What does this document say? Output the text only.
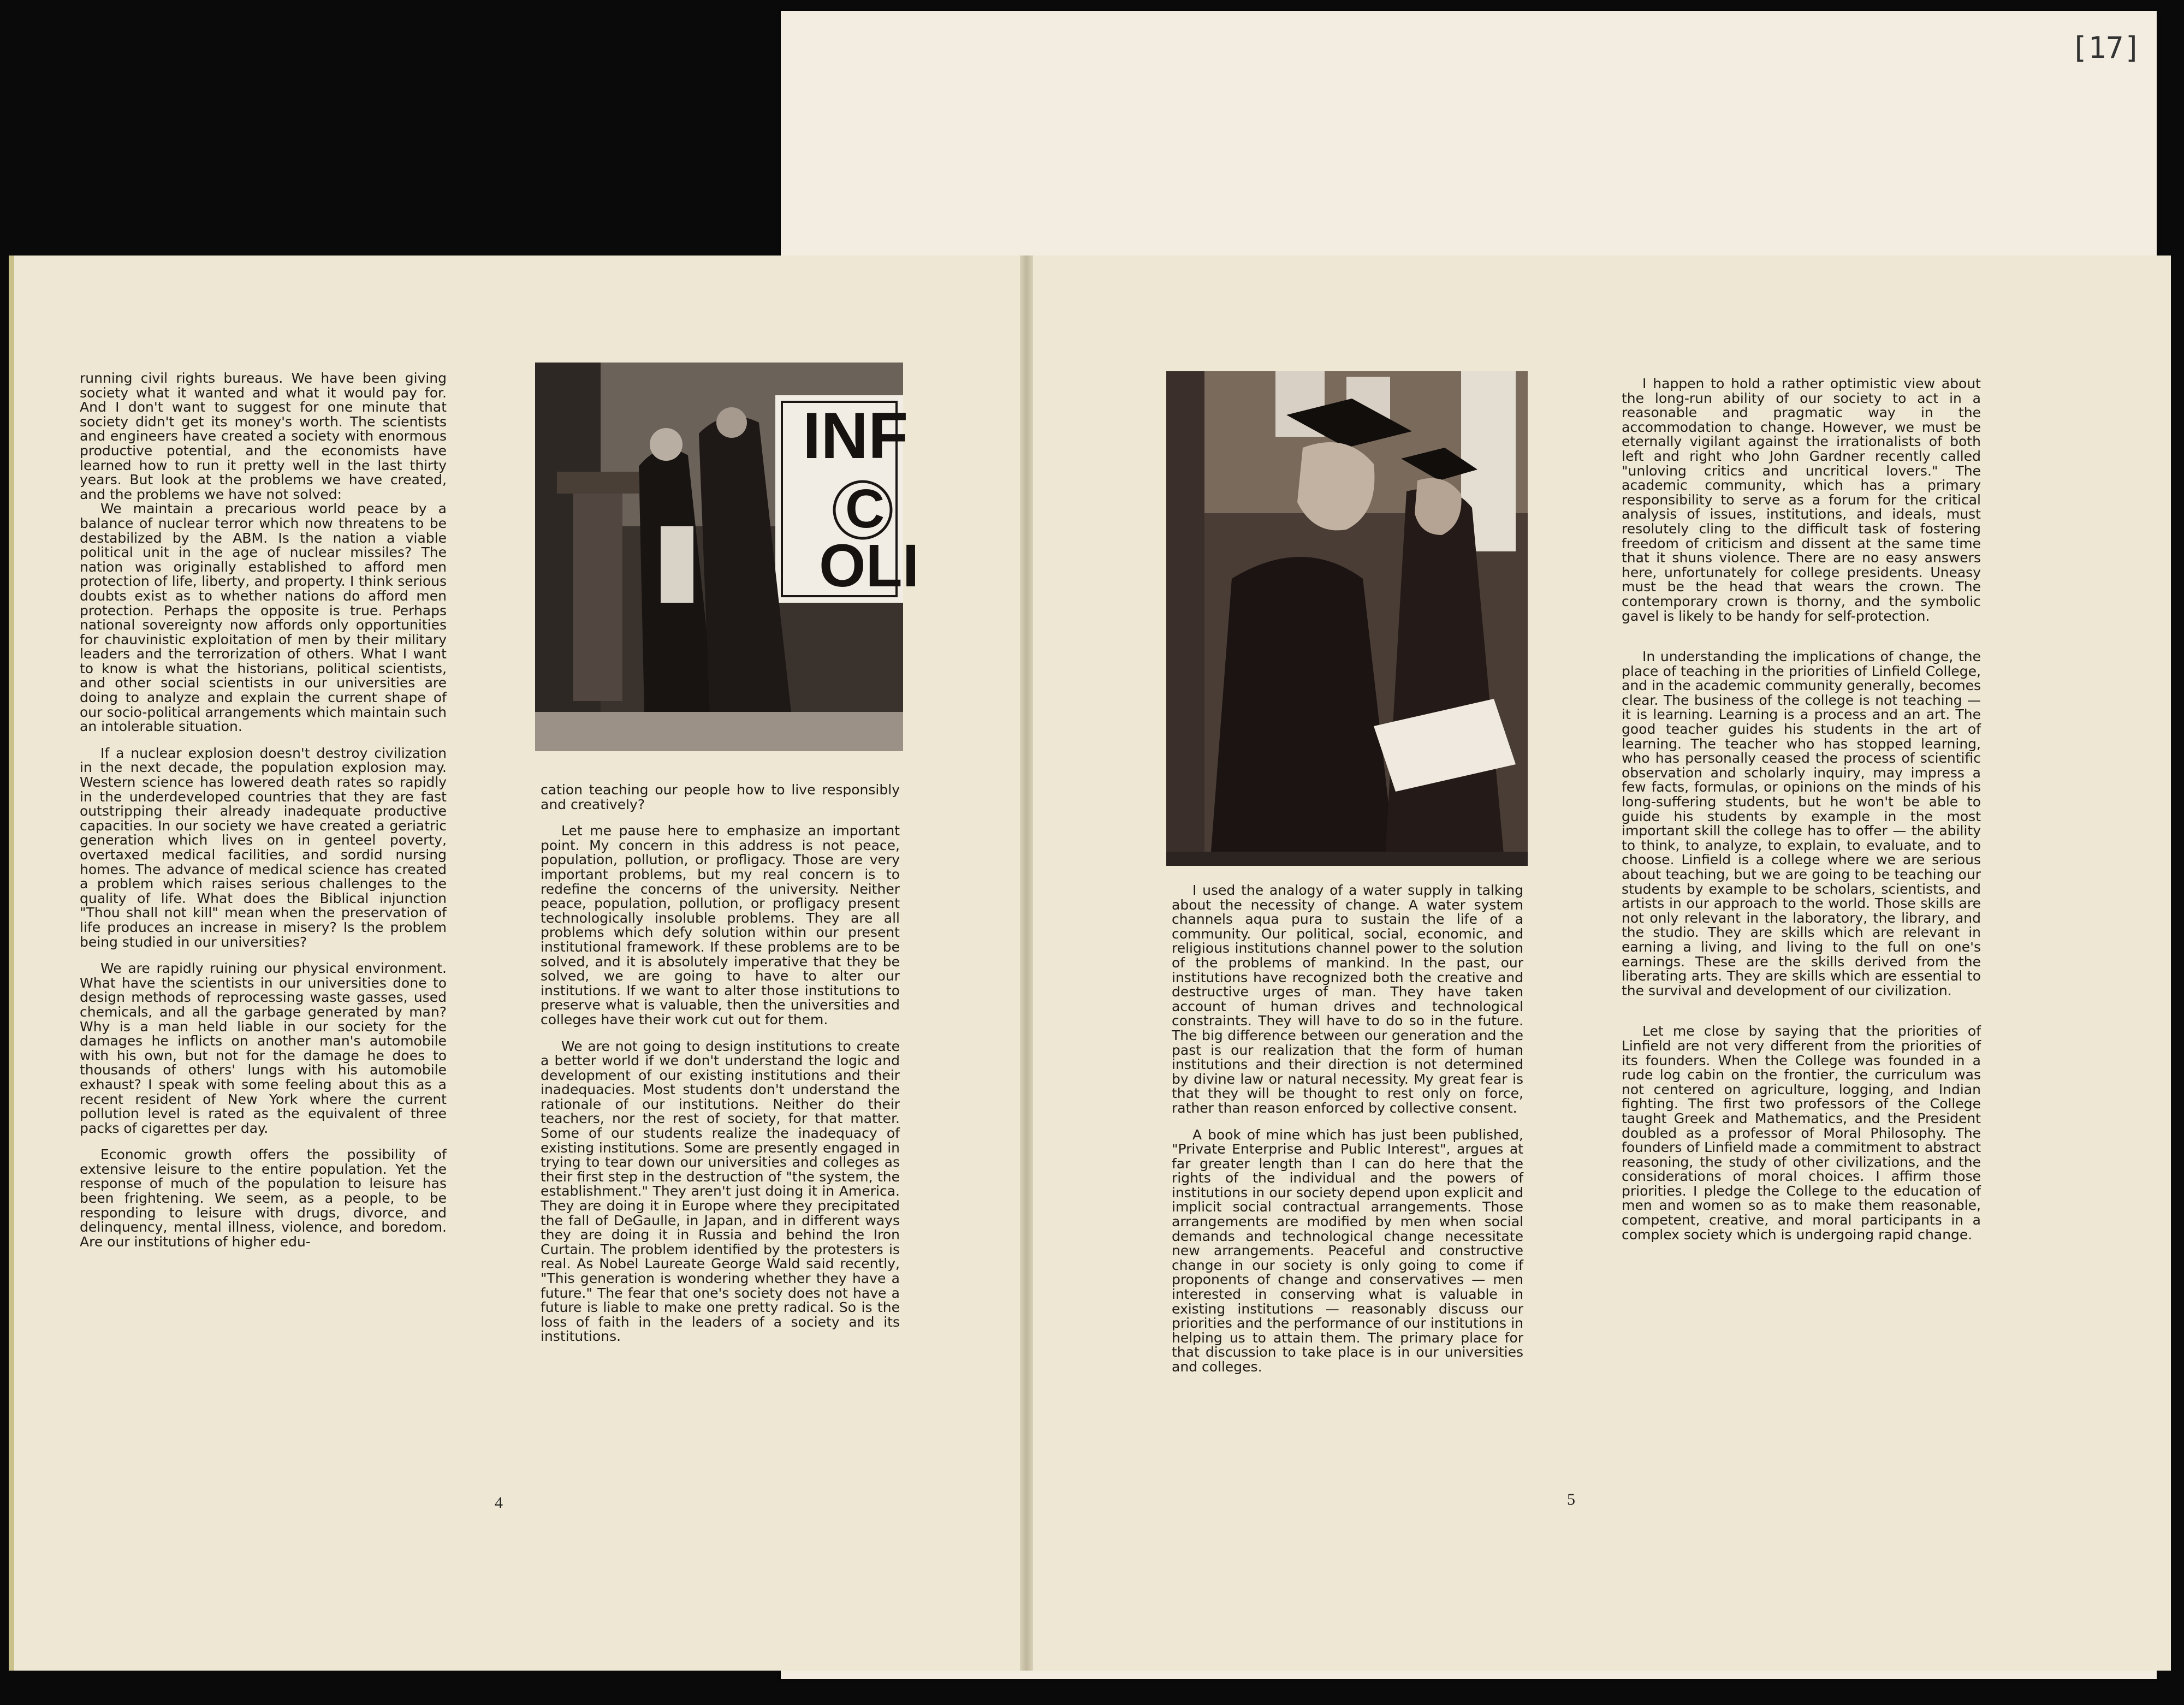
[17]

running civil rights bureaus. We have been giving society what it wanted and what it would pay for. And I don't want to suggest for one minute that society didn't get its money's worth. The scientists and engineers have created a society with enormous productive potential, and the economists have learned how to run it pretty well in the last thirty years. But look at the problems we have created, and the problems we have not solved:

We maintain a precarious world peace by a balance of nuclear terror which now threatens to be destabilized by the ABM. Is the nation a viable political unit in the age of nuclear missiles? The nation was originally established to afford men protection of life, liberty, and property. I think serious doubts exist as to whether nations do afford men protection. Perhaps the opposite is true. Perhaps national sovereignty now affords only opportunities for chauvinistic exploitation of men by their military leaders and the terrorization of others. What I want to know is what the historians, political scientists, and other social scientists in our universities are doing to analyze and explain the current shape of our socio-political arrangements which maintain such an intolerable situation.

If a nuclear explosion doesn't destroy civilization in the next decade, the population explosion may. Western science has lowered death rates so rapidly in the underdeveloped countries that they are fast outstripping their already inadequate productive capacities. In our society we have created a geriatric generation which lives on in genteel poverty, overtaxed medical facilities, and sordid nursing homes. The advance of medical science has created a problem which raises serious challenges to the quality of life. What does the Biblical injunction "Thou shall not kill" mean when the preservation of life produces an increase in misery? Is the problem being studied in our universities?

We are rapidly ruining our physical environment. What have the scientists in our universities done to design methods of reprocessing waste gasses, used chemicals, and all the garbage generated by man? Why is a man held liable in our society for the damages he inflicts on another man's automobile with his own, but not for the damage he does to thousands of others' lungs with his automobile exhaust? I speak with some feeling about this as a recent resident of New York where the current pollution level is rated as the equivalent of three packs of cigarettes per day.

Economic growth offers the possibility of extensive leisure to the entire population. Yet the response of much of the population to leisure has been frightening. We seem, as a people, to be responding to leisure with drugs, divorce, and delinquency, mental illness, violence, and boredom. Are our institutions of higher edu-

INF
C
OLI

cation teaching our people how to live responsibly and creatively?

Let me pause here to emphasize an important point. My concern in this address is not peace, population, pollution, or profligacy. Those are very important problems, but my real concern is to redefine the concerns of the university. Neither peace, population, pollution, or profligacy present technologically insoluble problems. They are all problems which defy solution within our present institutional framework. If these problems are to be solved, and it is absolutely imperative that they be solved, we are going to have to alter our institutions. If we want to alter those institutions to preserve what is valuable, then the universities and colleges have their work cut out for them.

We are not going to design institutions to create a better world if we don't understand the logic and development of our existing institutions and their inadequacies. Most students don't understand the rationale of our institutions. Neither do their teachers, nor the rest of society, for that matter. Some of our students realize the inadequacy of existing institutions. Some are presently engaged in trying to tear down our universities and colleges as their first step in the destruction of "the system, the establishment." They aren't just doing it in America. They are doing it in Europe where they precipitated the fall of DeGaulle, in Japan, and in different ways they are doing it in Russia and behind the Iron Curtain. The problem identified by the protesters is real. As Nobel Laureate George Wald said recently, "This generation is wondering whether they have a future." The fear that one's society does not have a future is liable to make one pretty radical. So is the loss of faith in the leaders of a society and its institutions.

4

I used the analogy of a water supply in talking about the necessity of change. A water system channels aqua pura to sustain the life of a community. Our political, social, economic, and religious institutions channel power to the solution of the problems of mankind. In the past, our institutions have recognized both the creative and destructive urges of man. They have taken account of human drives and technological constraints. They will have to do so in the future. The big difference between our generation and the past is our realization that the form of human institutions and their direction is not determined by divine law or natural necessity. My great fear is that they will be thought to rest only on force, rather than reason enforced by collective consent.

A book of mine which has just been published, "Private Enterprise and Public Interest", argues at far greater length than I can do here that the rights of the individual and the powers of institutions in our society depend upon explicit and implicit social contractual arrangements. Those arrangements are modified by men when social demands and technological change necessitate new arrangements. Peaceful and constructive change in our society is only going to come if proponents of change and conservatives — men interested in conserving what is valuable in existing institutions — reasonably discuss our priorities and the performance of our institutions in helping us to attain them. The primary place for that discussion to take place is in our universities and colleges.

I happen to hold a rather optimistic view about the long-run ability of our society to act in a reasonable and pragmatic way in the accommodation to change. However, we must be eternally vigilant against the irrationalists of both left and right who John Gardner recently called "unloving critics and uncritical lovers." The academic community, which has a primary responsibility to serve as a forum for the critical analysis of issues, institutions, and ideals, must resolutely cling to the difficult task of fostering freedom of criticism and dissent at the same time that it shuns violence. There are no easy answers here, unfortunately for college presidents. Uneasy must be the head that wears the crown. The contemporary crown is thorny, and the symbolic gavel is likely to be handy for self-protection.

In understanding the implications of change, the place of teaching in the priorities of Linfield College, and in the academic community generally, becomes clear. The business of the college is not teaching — it is learning. Learning is a process and an art. The good teacher guides his students in the art of learning. The teacher who has stopped learning, who has personally ceased the process of scientific observation and scholarly inquiry, may impress a few facts, formulas, or opinions on the minds of his long-suffering students, but he won't be able to guide his students by example in the most important skill the college has to offer — the ability to think, to analyze, to explain, to evaluate, and to choose. Linfield is a college where we are serious about teaching, but we are going to be teaching our students by example to be scholars, scientists, and artists in our approach to the world. Those skills are not only relevant in the laboratory, the library, and the studio. They are skills which are relevant in earning a living, and living to the full on one's earnings. These are the skills derived from the liberating arts. They are skills which are essential to the survival and development of our civilization.

Let me close by saying that the priorities of Linfield are not very different from the priorities of its founders. When the College was founded in a rude log cabin on the frontier, the curriculum was not centered on agriculture, logging, and Indian fighting. The first two professors of the College taught Greek and Mathematics, and the President doubled as a professor of Moral Philosophy. The founders of Linfield made a commitment to abstract reasoning, the study of other civilizations, and the considerations of moral choices. I affirm those priorities. I pledge the College to the education of men and women so as to make them reasonable, competent, creative, and moral participants in a complex society which is undergoing rapid change.

5
